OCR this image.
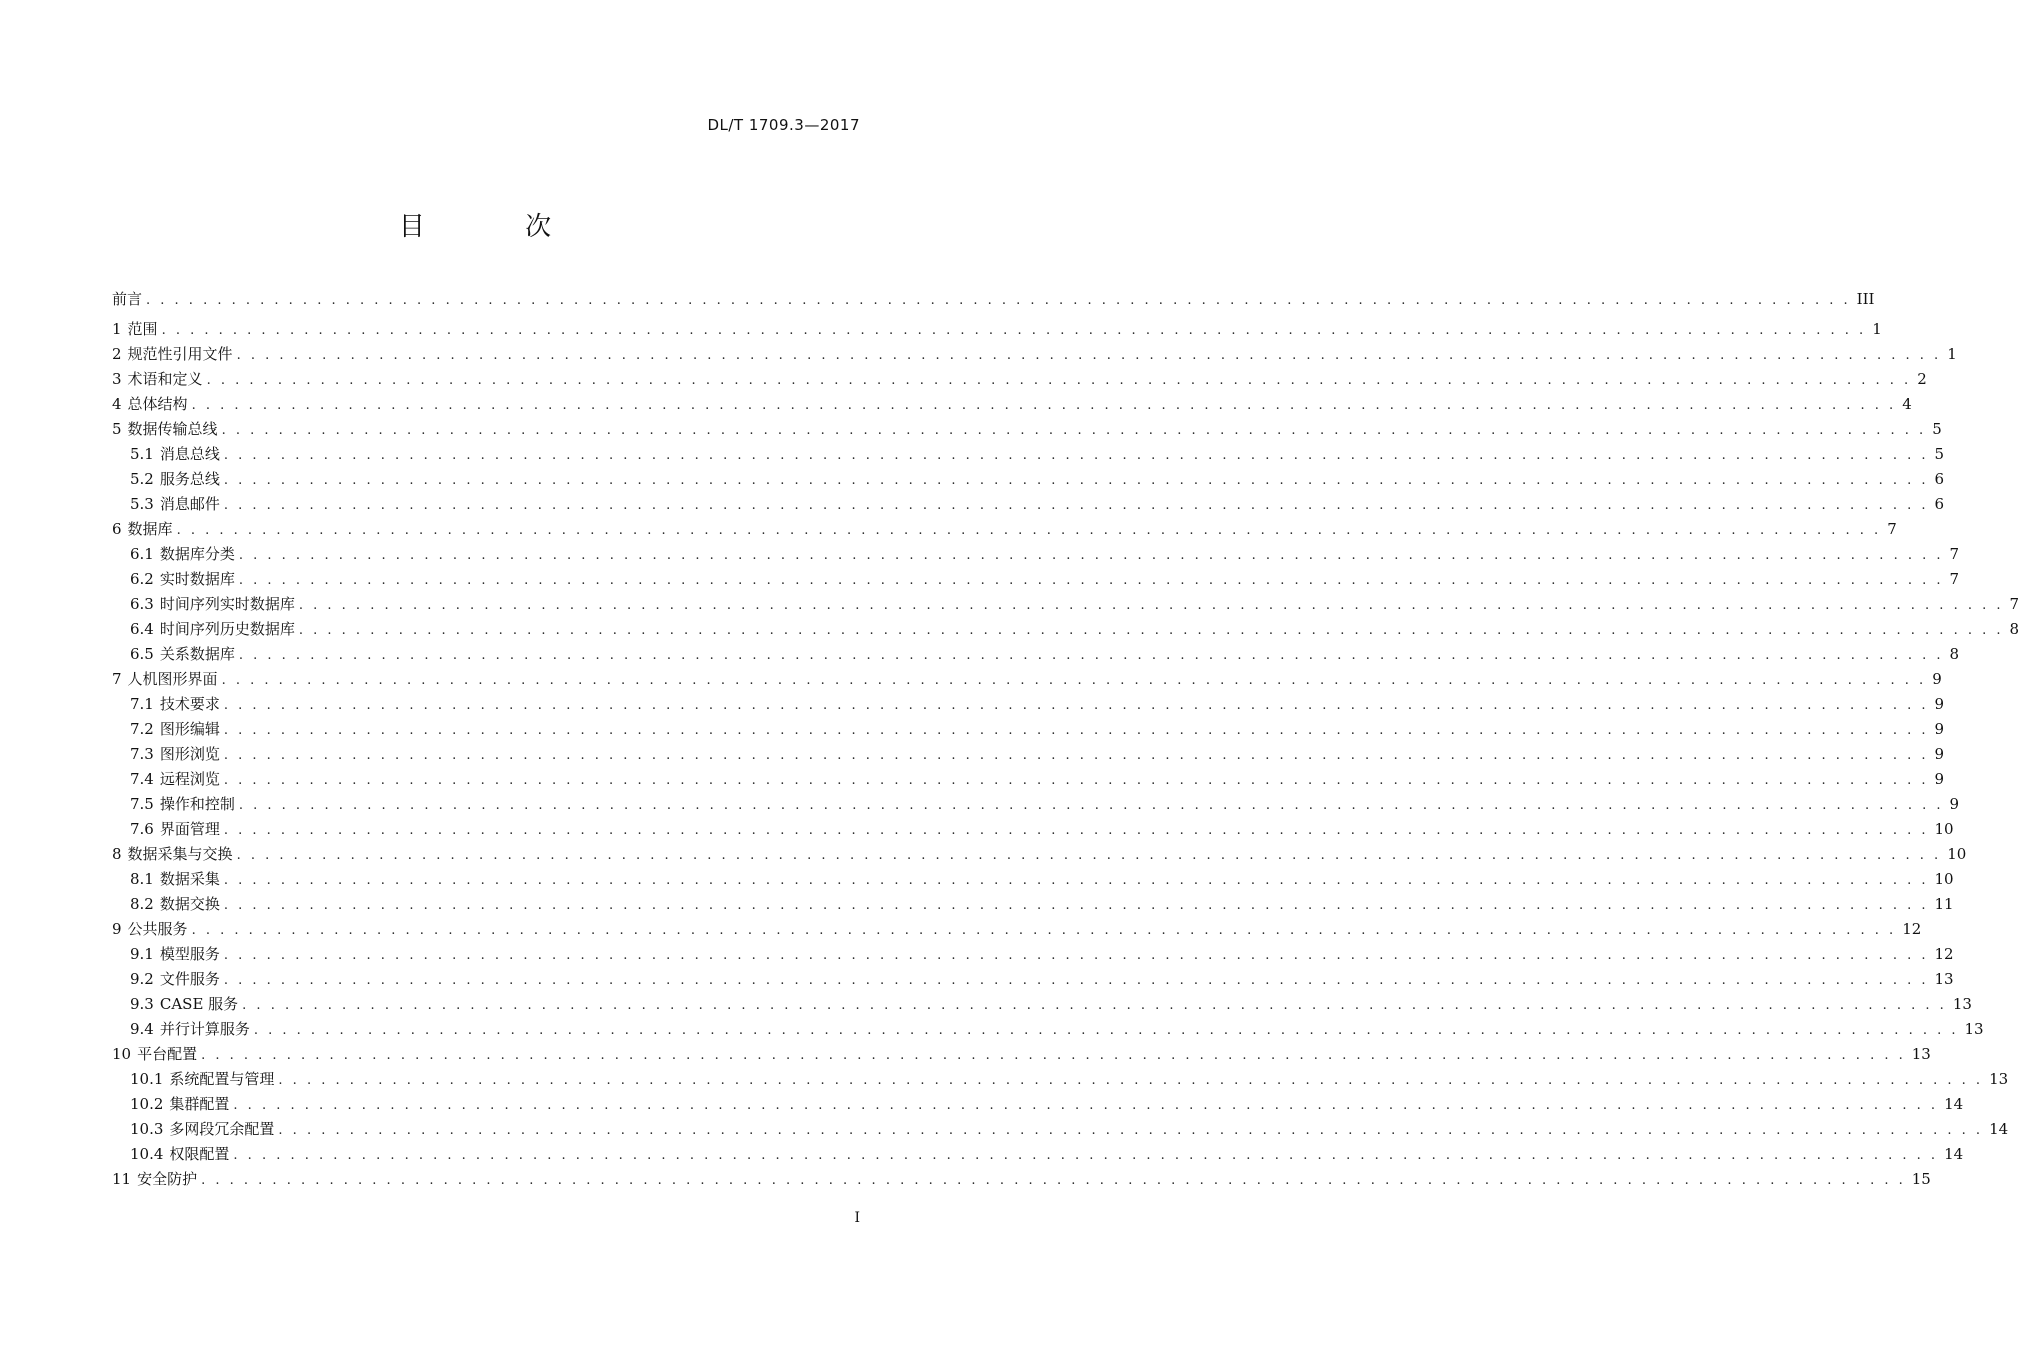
DL/T 1709.3—2017
目 次
前言 . . . . . . . . . . . . . . . . . . . . . . . . . . . . . . . . . . . . . . . . . . . . . . . . . . . . . . . . . . . . . . . . . . . . . . . . . . . . . . . . . . . . . . . . . . . . . . . . . . . . . . . . . . . . . . . . . . . . . . . . III
1 范围 . . . . . . . . . . . . . . . . . . . . . . . . . . . . . . . . . . . . . . . . . . . . . . . . . . . . . . . . . . . . . . . . . . . . . . . . . . . . . . . . . . . . . . . . . . . . . . . . . . . . . . . . . . . . . . . . . . . . . . . . 1
2 规范性引用文件 . . . . . . . . . . . . . . . . . . . . . . . . . . . . . . . . . . . . . . . . . . . . . . . . . . . . . . . . . . . . . . . . . . . . . . . . . . . . . . . . . . . . . . . . . . . . . . . . . . . . . . . . . . . . . . . . . . . . . . . . 1
3 术语和定义 . . . . . . . . . . . . . . . . . . . . . . . . . . . . . . . . . . . . . . . . . . . . . . . . . . . . . . . . . . . . . . . . . . . . . . . . . . . . . . . . . . . . . . . . . . . . . . . . . . . . . . . . . . . . . . . . . . . . . . . . 2
4 总体结构 . . . . . . . . . . . . . . . . . . . . . . . . . . . . . . . . . . . . . . . . . . . . . . . . . . . . . . . . . . . . . . . . . . . . . . . . . . . . . . . . . . . . . . . . . . . . . . . . . . . . . . . . . . . . . . . . . . . . . . . . 4
5 数据传输总线 . . . . . . . . . . . . . . . . . . . . . . . . . . . . . . . . . . . . . . . . . . . . . . . . . . . . . . . . . . . . . . . . . . . . . . . . . . . . . . . . . . . . . . . . . . . . . . . . . . . . . . . . . . . . . . . . . . . . . . . . 5
5.1 消息总线 . . . . . . . . . . . . . . . . . . . . . . . . . . . . . . . . . . . . . . . . . . . . . . . . . . . . . . . . . . . . . . . . . . . . . . . . . . . . . . . . . . . . . . . . . . . . . . . . . . . . . . . . . . . . . . . . . . . . . . . . 5
5.2 服务总线 . . . . . . . . . . . . . . . . . . . . . . . . . . . . . . . . . . . . . . . . . . . . . . . . . . . . . . . . . . . . . . . . . . . . . . . . . . . . . . . . . . . . . . . . . . . . . . . . . . . . . . . . . . . . . . . . . . . . . . . . 6
5.3 消息邮件 . . . . . . . . . . . . . . . . . . . . . . . . . . . . . . . . . . . . . . . . . . . . . . . . . . . . . . . . . . . . . . . . . . . . . . . . . . . . . . . . . . . . . . . . . . . . . . . . . . . . . . . . . . . . . . . . . . . . . . . . 6
6 数据库 . . . . . . . . . . . . . . . . . . . . . . . . . . . . . . . . . . . . . . . . . . . . . . . . . . . . . . . . . . . . . . . . . . . . . . . . . . . . . . . . . . . . . . . . . . . . . . . . . . . . . . . . . . . . . . . . . . . . . . . . 7
6.1 数据库分类 . . . . . . . . . . . . . . . . . . . . . . . . . . . . . . . . . . . . . . . . . . . . . . . . . . . . . . . . . . . . . . . . . . . . . . . . . . . . . . . . . . . . . . . . . . . . . . . . . . . . . . . . . . . . . . . . . . . . . . . . 7
6.2 实时数据库 . . . . . . . . . . . . . . . . . . . . . . . . . . . . . . . . . . . . . . . . . . . . . . . . . . . . . . . . . . . . . . . . . . . . . . . . . . . . . . . . . . . . . . . . . . . . . . . . . . . . . . . . . . . . . . . . . . . . . . . . 7
6.3 时间序列实时数据库 . . . . . . . . . . . . . . . . . . . . . . . . . . . . . . . . . . . . . . . . . . . . . . . . . . . . . . . . . . . . . . . . . . . . . . . . . . . . . . . . . . . . . . . . . . . . . . . . . . . . . . . . . . . . . . . . . . . . . . . . 7
6.4 时间序列历史数据库 . . . . . . . . . . . . . . . . . . . . . . . . . . . . . . . . . . . . . . . . . . . . . . . . . . . . . . . . . . . . . . . . . . . . . . . . . . . . . . . . . . . . . . . . . . . . . . . . . . . . . . . . . . . . . . . . . . . . . . . . 8
6.5 关系数据库 . . . . . . . . . . . . . . . . . . . . . . . . . . . . . . . . . . . . . . . . . . . . . . . . . . . . . . . . . . . . . . . . . . . . . . . . . . . . . . . . . . . . . . . . . . . . . . . . . . . . . . . . . . . . . . . . . . . . . . . . 8
7 人机图形界面 . . . . . . . . . . . . . . . . . . . . . . . . . . . . . . . . . . . . . . . . . . . . . . . . . . . . . . . . . . . . . . . . . . . . . . . . . . . . . . . . . . . . . . . . . . . . . . . . . . . . . . . . . . . . . . . . . . . . . . . . 9
7.1 技术要求 . . . . . . . . . . . . . . . . . . . . . . . . . . . . . . . . . . . . . . . . . . . . . . . . . . . . . . . . . . . . . . . . . . . . . . . . . . . . . . . . . . . . . . . . . . . . . . . . . . . . . . . . . . . . . . . . . . . . . . . . 9
7.2 图形编辑 . . . . . . . . . . . . . . . . . . . . . . . . . . . . . . . . . . . . . . . . . . . . . . . . . . . . . . . . . . . . . . . . . . . . . . . . . . . . . . . . . . . . . . . . . . . . . . . . . . . . . . . . . . . . . . . . . . . . . . . . 9
7.3 图形浏览 . . . . . . . . . . . . . . . . . . . . . . . . . . . . . . . . . . . . . . . . . . . . . . . . . . . . . . . . . . . . . . . . . . . . . . . . . . . . . . . . . . . . . . . . . . . . . . . . . . . . . . . . . . . . . . . . . . . . . . . . 9
7.4 远程浏览 . . . . . . . . . . . . . . . . . . . . . . . . . . . . . . . . . . . . . . . . . . . . . . . . . . . . . . . . . . . . . . . . . . . . . . . . . . . . . . . . . . . . . . . . . . . . . . . . . . . . . . . . . . . . . . . . . . . . . . . . 9
7.5 操作和控制 . . . . . . . . . . . . . . . . . . . . . . . . . . . . . . . . . . . . . . . . . . . . . . . . . . . . . . . . . . . . . . . . . . . . . . . . . . . . . . . . . . . . . . . . . . . . . . . . . . . . . . . . . . . . . . . . . . . . . . . . 9
7.6 界面管理 . . . . . . . . . . . . . . . . . . . . . . . . . . . . . . . . . . . . . . . . . . . . . . . . . . . . . . . . . . . . . . . . . . . . . . . . . . . . . . . . . . . . . . . . . . . . . . . . . . . . . . . . . . . . . . . . . . . . . . . . 10
8 数据采集与交换 . . . . . . . . . . . . . . . . . . . . . . . . . . . . . . . . . . . . . . . . . . . . . . . . . . . . . . . . . . . . . . . . . . . . . . . . . . . . . . . . . . . . . . . . . . . . . . . . . . . . . . . . . . . . . . . . . . . . . . . . 10
8.1 数据采集 . . . . . . . . . . . . . . . . . . . . . . . . . . . . . . . . . . . . . . . . . . . . . . . . . . . . . . . . . . . . . . . . . . . . . . . . . . . . . . . . . . . . . . . . . . . . . . . . . . . . . . . . . . . . . . . . . . . . . . . . 10
8.2 数据交换 . . . . . . . . . . . . . . . . . . . . . . . . . . . . . . . . . . . . . . . . . . . . . . . . . . . . . . . . . . . . . . . . . . . . . . . . . . . . . . . . . . . . . . . . . . . . . . . . . . . . . . . . . . . . . . . . . . . . . . . . 11
9 公共服务 . . . . . . . . . . . . . . . . . . . . . . . . . . . . . . . . . . . . . . . . . . . . . . . . . . . . . . . . . . . . . . . . . . . . . . . . . . . . . . . . . . . . . . . . . . . . . . . . . . . . . . . . . . . . . . . . . . . . . . . . 12
9.1 模型服务 . . . . . . . . . . . . . . . . . . . . . . . . . . . . . . . . . . . . . . . . . . . . . . . . . . . . . . . . . . . . . . . . . . . . . . . . . . . . . . . . . . . . . . . . . . . . . . . . . . . . . . . . . . . . . . . . . . . . . . . . 12
9.2 文件服务 . . . . . . . . . . . . . . . . . . . . . . . . . . . . . . . . . . . . . . . . . . . . . . . . . . . . . . . . . . . . . . . . . . . . . . . . . . . . . . . . . . . . . . . . . . . . . . . . . . . . . . . . . . . . . . . . . . . . . . . . 13
9.3 CASE 服务 . . . . . . . . . . . . . . . . . . . . . . . . . . . . . . . . . . . . . . . . . . . . . . . . . . . . . . . . . . . . . . . . . . . . . . . . . . . . . . . . . . . . . . . . . . . . . . . . . . . . . . . . . . . . . . . . . . . . . . . . 13
9.4 并行计算服务 . . . . . . . . . . . . . . . . . . . . . . . . . . . . . . . . . . . . . . . . . . . . . . . . . . . . . . . . . . . . . . . . . . . . . . . . . . . . . . . . . . . . . . . . . . . . . . . . . . . . . . . . . . . . . . . . . . . . . . . . 13
10 平台配置 . . . . . . . . . . . . . . . . . . . . . . . . . . . . . . . . . . . . . . . . . . . . . . . . . . . . . . . . . . . . . . . . . . . . . . . . . . . . . . . . . . . . . . . . . . . . . . . . . . . . . . . . . . . . . . . . . . . . . . . . 13
10.1 系统配置与管理 . . . . . . . . . . . . . . . . . . . . . . . . . . . . . . . . . . . . . . . . . . . . . . . . . . . . . . . . . . . . . . . . . . . . . . . . . . . . . . . . . . . . . . . . . . . . . . . . . . . . . . . . . . . . . . . . . . . . . . . . 13
10.2 集群配置 . . . . . . . . . . . . . . . . . . . . . . . . . . . . . . . . . . . . . . . . . . . . . . . . . . . . . . . . . . . . . . . . . . . . . . . . . . . . . . . . . . . . . . . . . . . . . . . . . . . . . . . . . . . . . . . . . . . . . . . . 14
10.3 多网段冗余配置 . . . . . . . . . . . . . . . . . . . . . . . . . . . . . . . . . . . . . . . . . . . . . . . . . . . . . . . . . . . . . . . . . . . . . . . . . . . . . . . . . . . . . . . . . . . . . . . . . . . . . . . . . . . . . . . . . . . . . . . . 14
10.4 权限配置 . . . . . . . . . . . . . . . . . . . . . . . . . . . . . . . . . . . . . . . . . . . . . . . . . . . . . . . . . . . . . . . . . . . . . . . . . . . . . . . . . . . . . . . . . . . . . . . . . . . . . . . . . . . . . . . . . . . . . . . . 14
11 安全防护 . . . . . . . . . . . . . . . . . . . . . . . . . . . . . . . . . . . . . . . . . . . . . . . . . . . . . . . . . . . . . . . . . . . . . . . . . . . . . . . . . . . . . . . . . . . . . . . . . . . . . . . . . . . . . . . . . . . . . . . . 15
I
